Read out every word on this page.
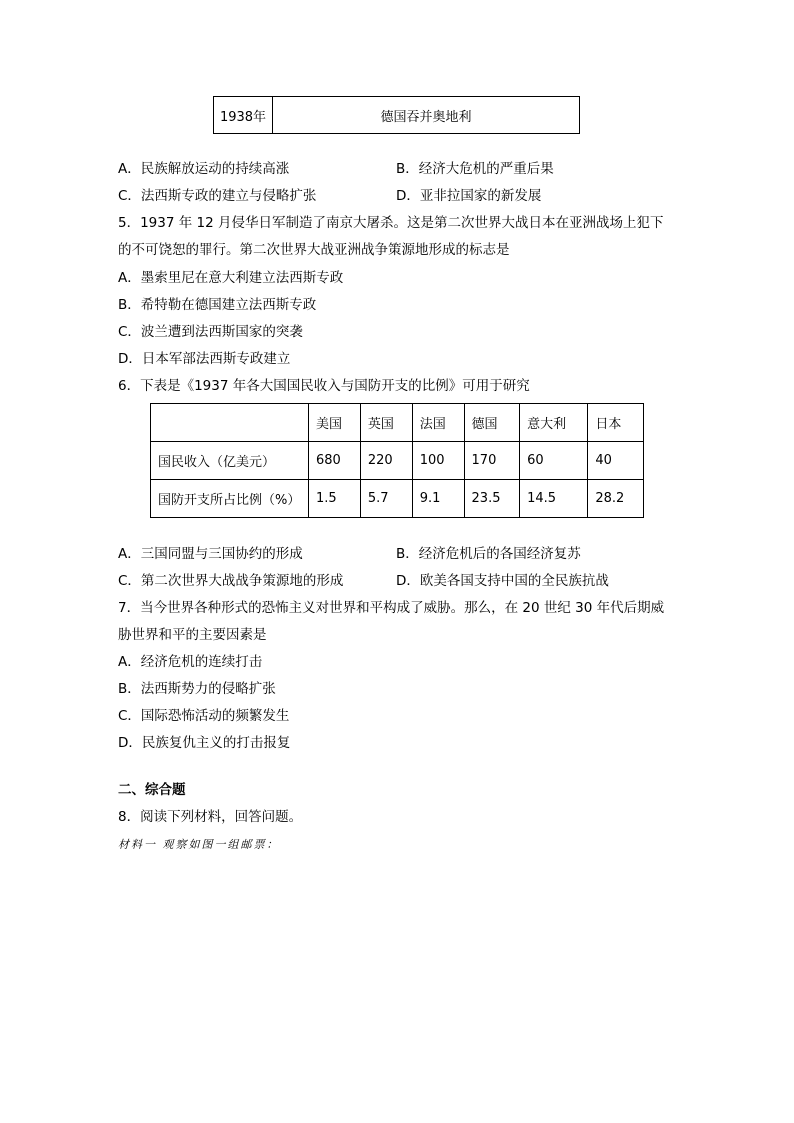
1938年	德国吞并奥地利
A．民族解放运动的持续高涨	B．经济大危机的严重后果
C．法西斯专政的建立与侵略扩张	D．亚非拉国家的新发展
5．1937 年 12 月侵华日军制造了南京大屠杀。这是第二次世界大战日本在亚洲战场上犯下
的不可饶恕的罪行。第二次世界大战亚洲战争策源地形成的标志是
A．墨索里尼在意大利建立法西斯专政
B．希特勒在德国建立法西斯专政
C．波兰遭到法西斯国家的突袭
D．日本军部法西斯专政建立
6．下表是《1937 年各大国国民收入与国防开支的比例》可用于研究
	美国	英国	法国	德国	意大利	日本
国民收入（亿美元）	680	220	100	170	60	40
国防开支所占比例（%）	1.5	5.7	9.1	23.5	14.5	28.2
A．三国同盟与三国协约的形成	B．经济危机后的各国经济复苏
C．第二次世界大战战争策源地的形成	D．欧美各国支持中国的全民族抗战
7．当今世界各种形式的恐怖主义对世界和平构成了威胁。那么，在 20 世纪 30 年代后期威
胁世界和平的主要因素是
A．经济危机的连续打击
B．法西斯势力的侵略扩张
C．国际恐怖活动的频繁发生
D．民族复仇主义的打击报复
二、综合题
8．阅读下列材料，回答问题。
材料一 观察如图一组邮票：
